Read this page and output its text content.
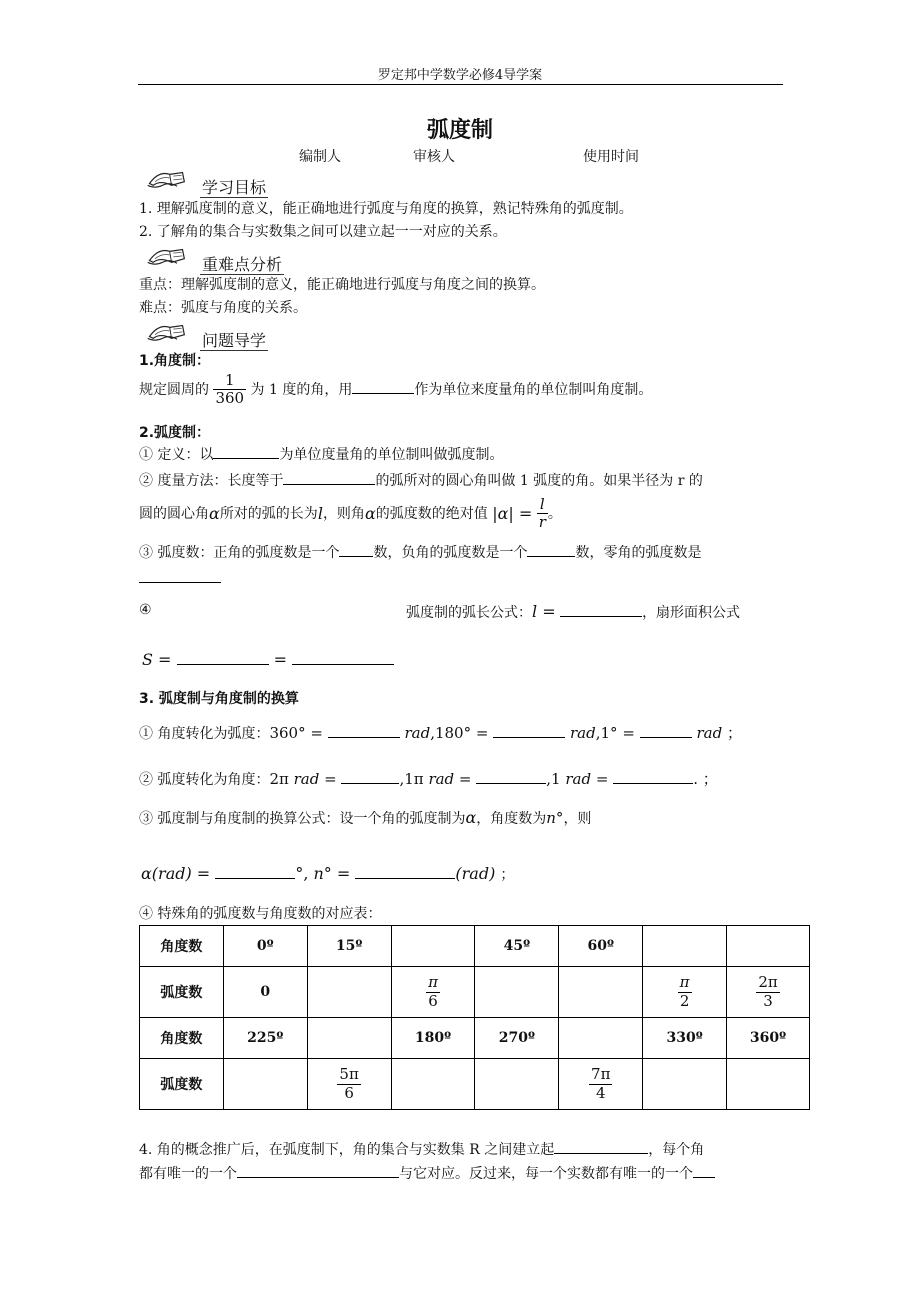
罗定邦中学数学必修4导学案
弧度制
编制人	审核人	使用时间
学习目标
1. 理解弧度制的意义，能正确地进行弧度与角度的换算，熟记特殊角的弧度制。
2. 了解角的集合与实数集之间可以建立起一一对应的关系。
重难点分析
重点：理解弧度制的意义，能正确地进行弧度与角度之间的换算。
难点：弧度与角度的关系。
问题导学
1.角度制：
规定圆周的 $\frac{1}{360}$ 为 1 度的角，用	作为单位来度量角的单位制叫角度制。
2.弧度制：
① 定义：以	为单位度量角的单位制叫做弧度制。
② 度量方法：长度等于	的弧所对的圆心角叫做 1 弧度的角。如果半径为 r 的
圆的圆心角α所对的弧的长为l，则角α的弧度数的绝对值 $|\alpha| = \frac{l}{r}$ 。
③ 弧度数：正角的弧度数是一个 数，负角的弧度数是一个	数，零角的弧度数是
④	弧度制的弧长公式：l =	，扇形面积公式
S =	=
3. 弧度制与角度制的换算
① 角度转化为弧度：360° =	rad,180° =	rad,1° =	rad ；
② 弧度转化为角度：2π rad =	,1π rad =	,1 rad =	. ；
③ 弧度制与角度制的换算公式：设一个角的弧度制为α，角度数为n°，则
α(rad) =	°, n° =	(rad) ；
④ 特殊角的弧度数与角度数的对应表：
角度数	0º	15º		45º	60º		
弧度数	0		$\frac{\pi}{6}$			$\frac{\pi}{2}$	$\frac{2\pi}{3}$

角度数	225º		180º	270º		330º	360º
弧度数		$\frac{5\pi}{6}$			$\frac{7\pi}{4}$

4. 角的概念推广后，在弧度制下，角的集合与实数集 R 之间建立起	，每个角
都有唯一的一个	与它对应。反过来，每一个实数都有唯一的一个
